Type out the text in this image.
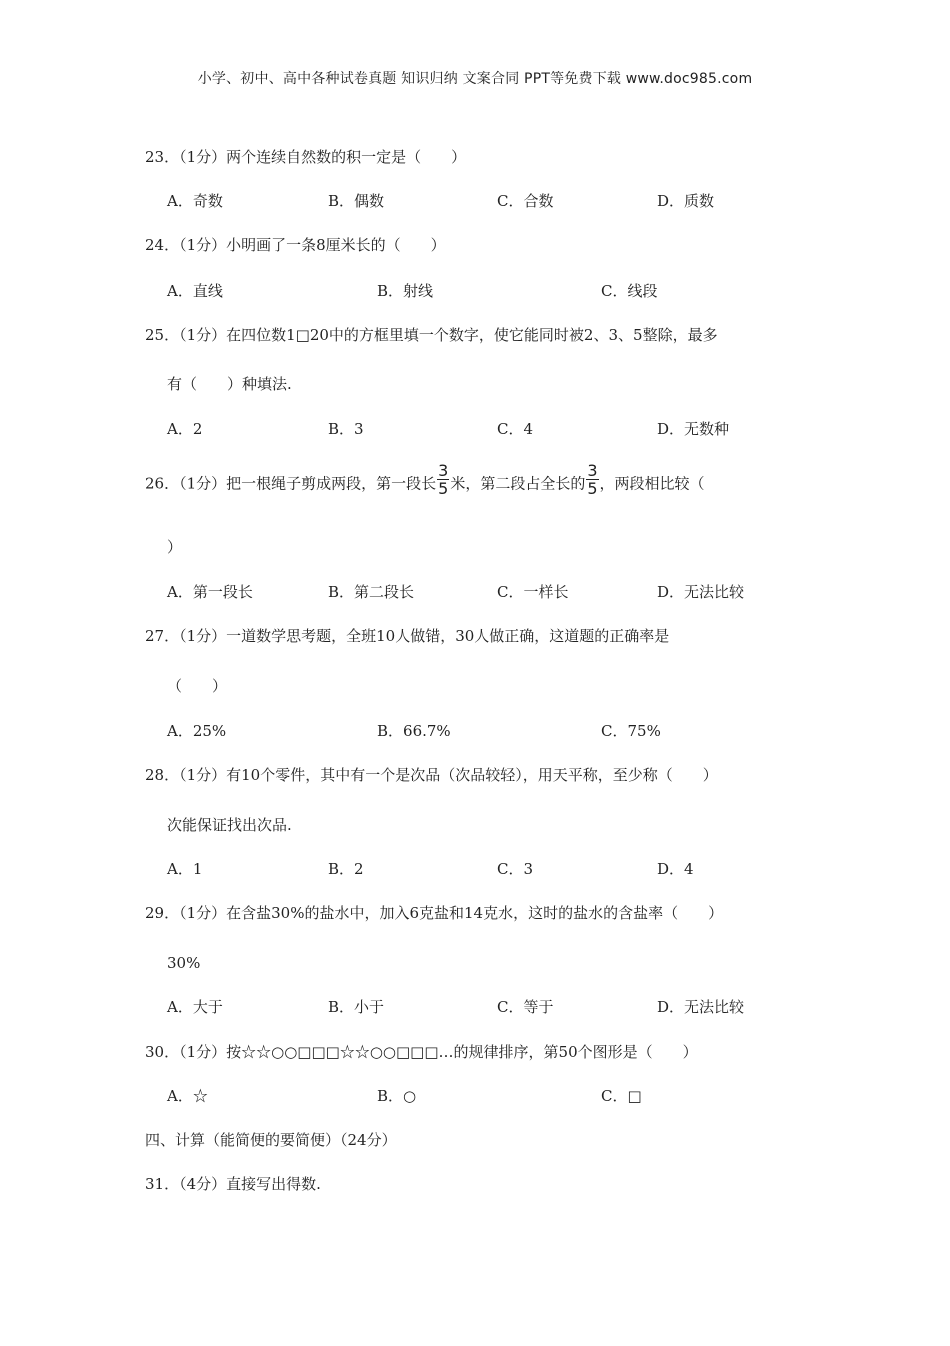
小学、初中、高中各种试卷真题 知识归纳 文案合同 PPT等免费下载 www.doc985.com
23．（1分）两个连续自然数的积一定是（　　）
A．奇数	B．偶数	C．合数	D．质数
24．（1分）小明画了一条8厘米长的（　　）
A．直线	B．射线	C．线段
25．（1分）在四位数1□20中的方框里填一个数字，使它能同时被2、3、5整除，最多
有（　　）种填法.
A．2	B．3	C．4	D．无数种
26．（1分）把一根绳子剪成两段，第一段长 $\frac{3}{5}$ 米，第二段占全长的 $\frac{3}{5}$ ，两段相比较（
）
A．第一段长	B．第二段长	C．一样长	D．无法比较
27．（1分）一道数学思考题，全班10人做错，30人做正确，这道题的正确率是
（　　）
A．25%	B．66.7%	C．75%
28．（1分）有10个零件，其中有一个是次品（次品较轻），用天平称，至少称（　　）
次能保证找出次品.
A．1	B．2	C．3	D．4
29．（1分）在含盐30%的盐水中，加入6克盐和14克水，这时的盐水的含盐率（　　）
30%
A．大于	B．小于	C．等于	D．无法比较
30．（1分）按☆☆○○□□□☆☆○○□□□…的规律排序，第50个图形是（　　）
A．☆	B．○	C．□
四、计算（能简便的要简便）（24分）
31．（4分）直接写出得数.
